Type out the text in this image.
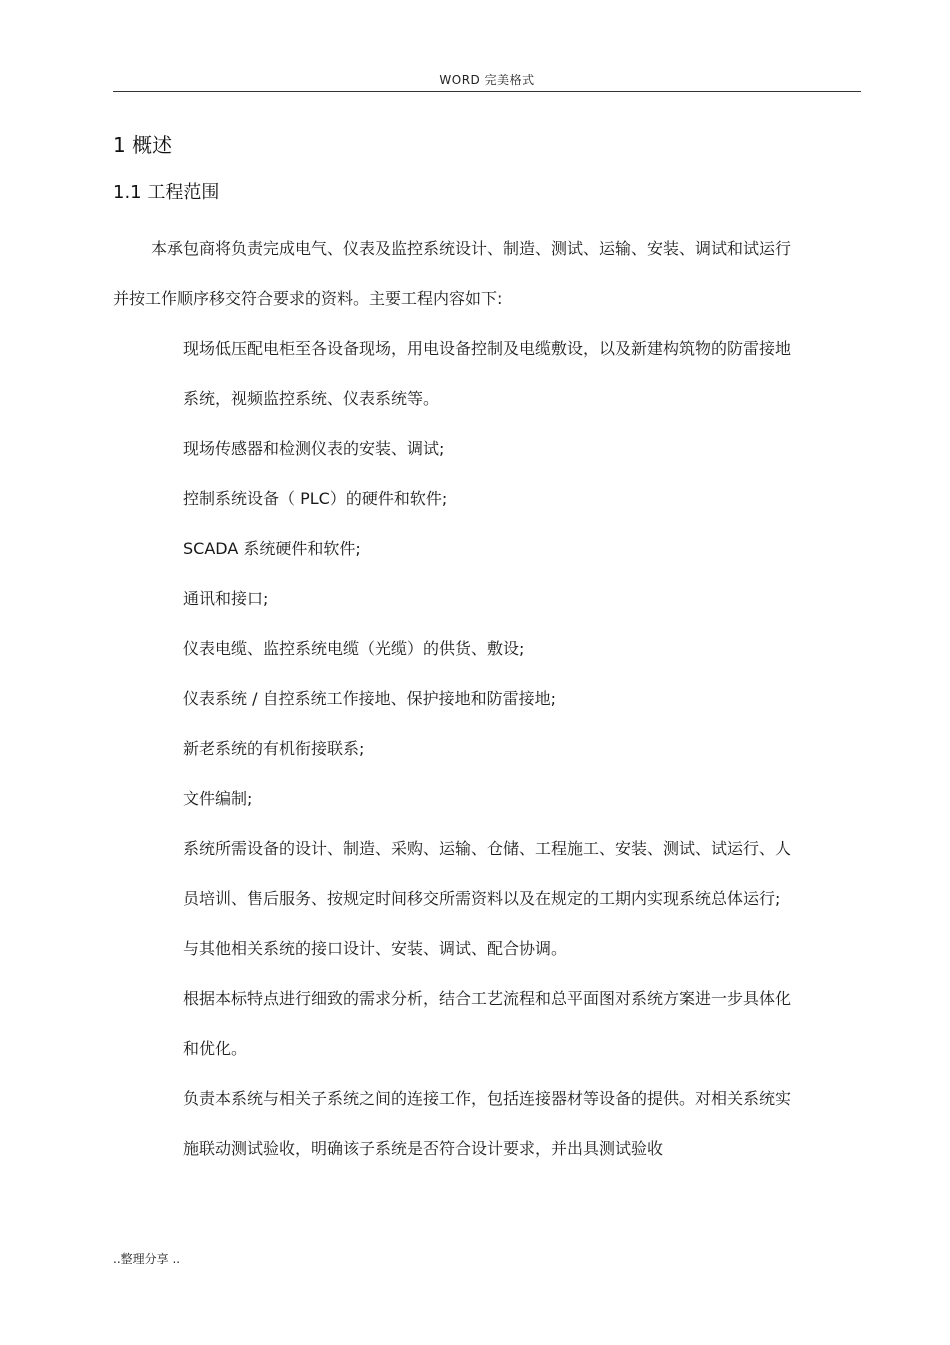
WORD 完美格式
1 概述
1.1 工程范围

本承包商将负责完成电气、仪表及监控系统设计、制造、测试、运输、安装、调试和试运行并按工作顺序移交符合要求的资料。主要工程内容如下:

现场低压配电柜至各设备现场，用电设备控制及电缆敷设，以及新建构筑物的防雷接地系统，视频监控系统、仪表系统等。
现场传感器和检测仪表的安装、调试;
控制系统设备（ PLC）的硬件和软件;
SCADA 系统硬件和软件;
通讯和接口;
仪表电缆、监控系统电缆（光缆）的供货、敷设;
仪表系统 / 自控系统工作接地、保护接地和防雷接地;
新老系统的有机衔接联系;
文件编制;
系统所需设备的设计、制造、采购、运输、仓储、工程施工、安装、测试、试运行、人员培训、售后服务、按规定时间移交所需资料以及在规定的工期内实现系统总体运行;
与其他相关系统的接口设计、安装、调试、配合协调。
根据本标特点进行细致的需求分析，结合工艺流程和总平面图对系统方案进一步具体化和优化。
负责本系统与相关子系统之间的连接工作，包括连接器材等设备的提供。对相关系统实施联动测试验收，明确该子系统是否符合设计要求，并出具测试验收
..整理分享 ..
